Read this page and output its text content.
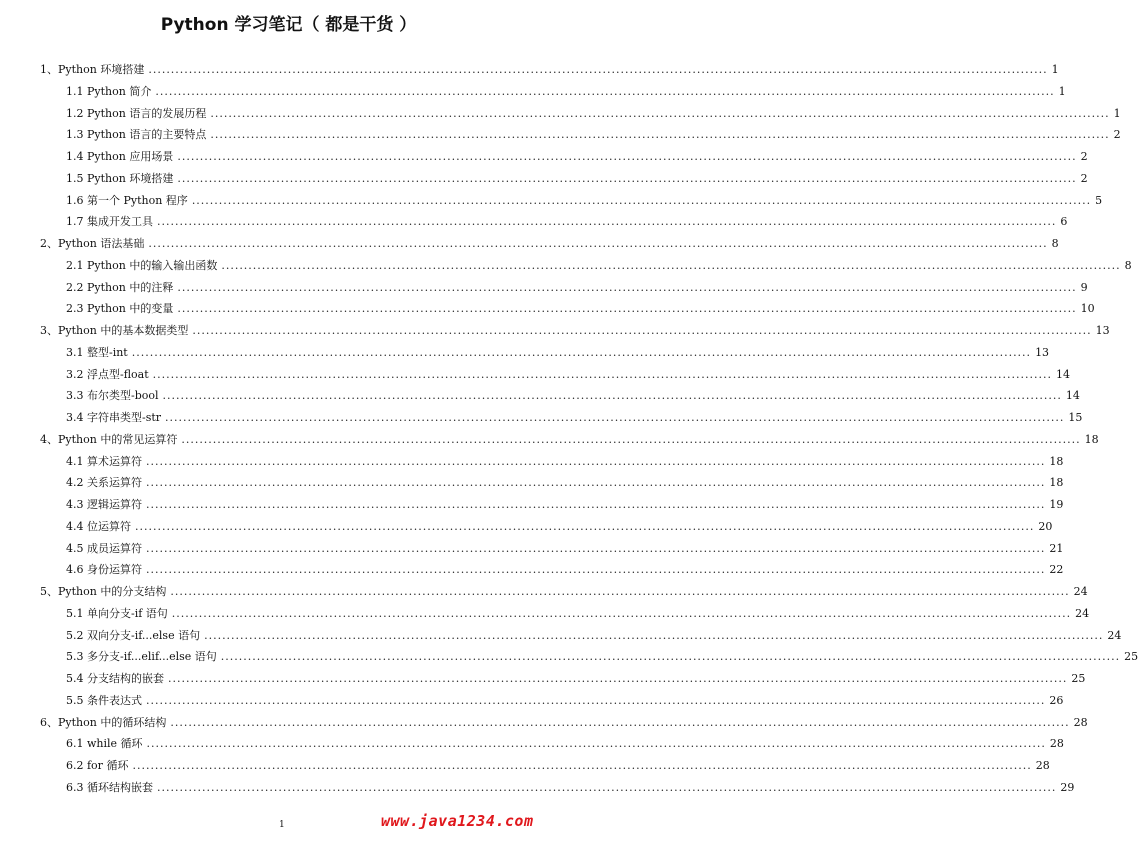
Python 学习笔记（ 都是干货 ）
1、Python 环境搭建 ........................................................................................................................................................................................................ 1
1.1 Python 简介 ........................................................................................................................................................................................................ 1
1.2 Python 语言的发展历程 ........................................................................................................................................................................................................ 1
1.3 Python 语言的主要特点 ........................................................................................................................................................................................................ 2
1.4 Python 应用场景 ........................................................................................................................................................................................................ 2
1.5 Python 环境搭建 ........................................................................................................................................................................................................ 2
1.6 第一个 Python 程序 ........................................................................................................................................................................................................ 5
1.7 集成开发工具 ........................................................................................................................................................................................................ 6
2、Python 语法基础 ........................................................................................................................................................................................................ 8
2.1 Python 中的输入输出函数 ........................................................................................................................................................................................................ 8
2.2 Python 中的注释 ........................................................................................................................................................................................................ 9
2.3 Python 中的变量 ........................................................................................................................................................................................................ 10
3、Python 中的基本数据类型 ........................................................................................................................................................................................................ 13
3.1 整型-int ........................................................................................................................................................................................................ 13
3.2 浮点型-float ........................................................................................................................................................................................................ 14
3.3 布尔类型-bool ........................................................................................................................................................................................................ 14
3.4 字符串类型-str ........................................................................................................................................................................................................ 15
4、Python 中的常见运算符 ........................................................................................................................................................................................................ 18
4.1 算术运算符 ........................................................................................................................................................................................................ 18
4.2 关系运算符 ........................................................................................................................................................................................................ 18
4.3 逻辑运算符 ........................................................................................................................................................................................................ 19
4.4 位运算符 ........................................................................................................................................................................................................ 20
4.5 成员运算符 ........................................................................................................................................................................................................ 21
4.6 身份运算符 ........................................................................................................................................................................................................ 22
5、Python 中的分支结构 ........................................................................................................................................................................................................ 24
5.1 单向分支-if 语句 ........................................................................................................................................................................................................ 24
5.2 双向分支-if...else 语句 ........................................................................................................................................................................................................ 24
5.3 多分支-if...elif...else 语句 ........................................................................................................................................................................................................ 25
5.4 分支结构的嵌套 ........................................................................................................................................................................................................ 25
5.5 条件表达式 ........................................................................................................................................................................................................ 26
6、Python 中的循环结构 ........................................................................................................................................................................................................ 28
6.1 while 循环 ........................................................................................................................................................................................................ 28
6.2 for 循环 ........................................................................................................................................................................................................ 28
6.3 循环结构嵌套 ........................................................................................................................................................................................................ 29
1	www.java1234.com
